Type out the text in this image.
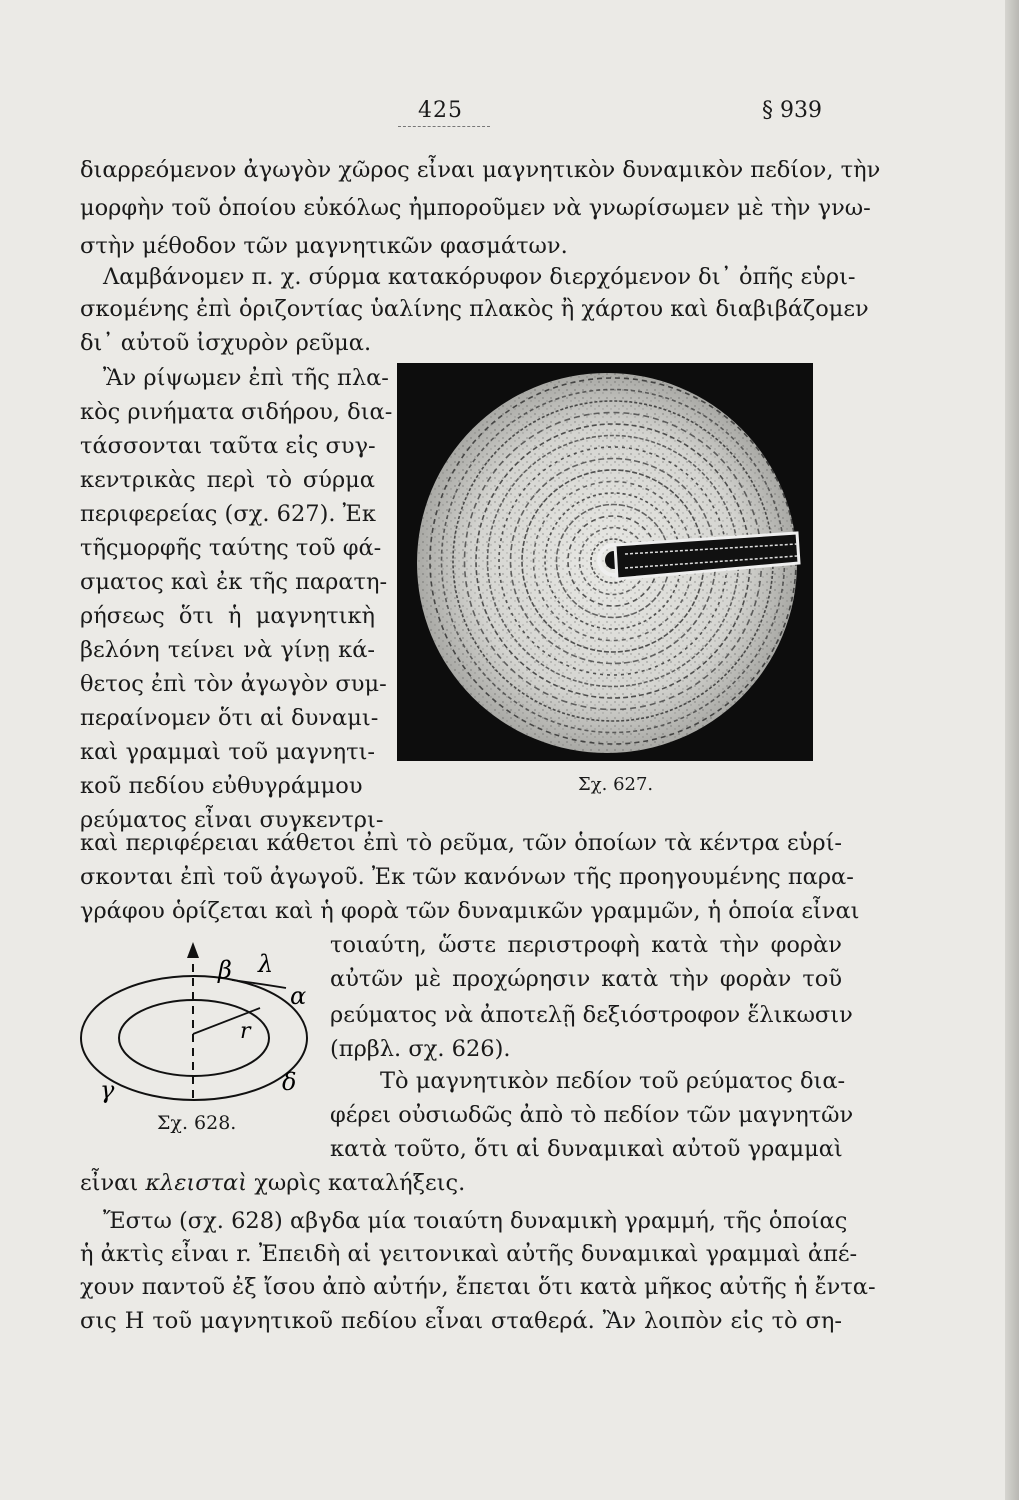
425	§ 939
διαρρεόμενον ἀγωγὸν χῶρος εἶναι μαγνητικὸν δυναμικὸν πεδίον, τὴν
μορφὴν τοῦ ὁποίου εὐκόλως ἠμποροῦμεν νὰ γνωρίσωμεν μὲ τὴν γνω-
στὴν μέθοδον τῶν μαγνητικῶν φασμάτων.
Λαμβάνομεν π. χ. σύρμα κατακόρυφον διερχόμενον δι᾿ ὀπῆς εὑρι-
σκομένης ἐπὶ ὁριζοντίας ὑαλίνης πλακὸς ἢ χάρτου καὶ διαβιβάζομεν
δι᾿ αὐτοῦ ἰσχυρὸν ρεῦμα.
Ἂν ρίψωμεν ἐπὶ τῆς πλα-
κὸς ρινήματα σιδήρου, δια-
τάσσονται ταῦτα εἰς συγ-
κεντρικὰς περὶ τὸ σύρμα
περιφερείας (σχ. 627). Ἐκ
τῆςμορφῆς ταύτης τοῦ φά-
σματος καὶ ἐκ τῆς παρατη-
ρήσεως ὅτι ἡ μαγνητικὴ
βελόνη τείνει νὰ γίνῃ κά-
θετος ἐπὶ τὸν ἀγωγὸν συμ-
περαίνομεν ὅτι αἱ δυναμι-
καὶ γραμμαὶ τοῦ μαγνητι-
κοῦ πεδίου εὐθυγράμμου
ρεύματος εἶναι συγκεντρι-
Σχ. 627.
καὶ περιφέρειαι κάθετοι ἐπὶ τὸ ρεῦμα, τῶν ὁποίων τὰ κέντρα εὑρί-
σκονται ἐπὶ τοῦ ἀγωγοῦ. Ἐκ τῶν κανόνων τῆς προηγουμένης παρα-
γράφου ὁρίζεται καὶ ἡ φορὰ τῶν δυναμικῶν γραμμῶν, ἡ ὁποία εἶναι
β λ
α
r
γ	δ
Σχ. 628.
τοιαύτη, ὥστε περιστροφὴ κατὰ τὴν φορὰν
αὐτῶν μὲ προχώρησιν κατὰ τὴν φορὰν τοῦ
ρεύματος νὰ ἀποτελῇ δεξιόστροφον ἕλικωσιν
(πρβλ. σχ. 626).
Τὸ μαγνητικὸν πεδίον τοῦ ρεύματος δια-
φέρει οὐσιωδῶς ἀπὸ τὸ πεδίον τῶν μαγνητῶν
κατὰ τοῦτο, ὅτι αἱ δυναμικαὶ αὐτοῦ γραμμαὶ
εἶναι κλεισταὶ χωρὶς καταλήξεις.
Ἔστω (σχ. 628) αβγδα μία τοιαύτη δυναμικὴ γραμμή, τῆς ὁποίας
ἡ ἀκτὶς εἶναι r. Ἐπειδὴ αἱ γειτονικαὶ αὐτῆς δυναμικαὶ γραμμαὶ ἀπέ-
χουν παντοῦ ἐξ ἴσου ἀπὸ αὐτήν, ἔπεται ὅτι κατὰ μῆκος αὐτῆς ἡ ἔντα-
σις Η τοῦ μαγνητικοῦ πεδίου εἶναι σταθερά. Ἂν λοιπὸν εἰς τὸ ση-
